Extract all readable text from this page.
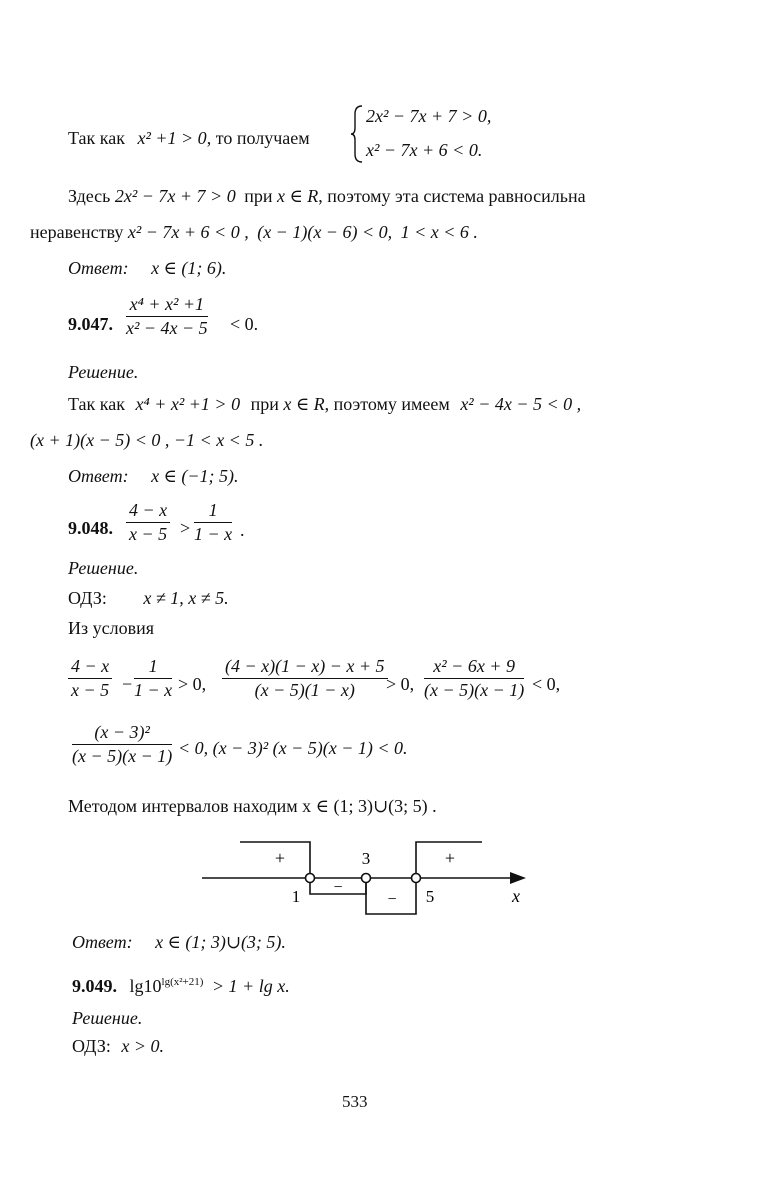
Так как x² +1 > 0, то получаем
2x² − 7x + 7 > 0,
x² − 7x + 6 < 0.
Здесь 2x² − 7x + 7 > 0 при x ∈ R, поэтому эта система равносильна
неравенству x² − 7x + 6 < 0 , (x − 1)(x − 6) < 0, 1 < x < 6 .
Ответ: x ∈ (1; 6).
9.047. $\frac{\text{x⁴ + x² +1}}{\text{x² − 4x − 5}} < 0$.
Решение.
Так как x⁴ + x² +1 > 0 при x ∈ R, поэтому имеем x² − 4x − 5 < 0 ,
(x + 1)(x − 5) < 0 , −1 < x < 5 .
Ответ: x ∈ (−1; 5).
9.048. $\frac{4 - x}{x - 5} > \frac{1}{1 - x}$ .
Решение.
ОДЗ: x ≠ 1, x ≠ 5.
Из условия
$\frac{4 - x}{x - 5} - \frac{1}{1 - x} > 0$, $\frac{(4 - x)(1 - x) - x + 5}{(x - 5)(1 - x)}$
> 0, $\frac{\text{x² − 6x + 9}}{(x - 5)(x - 1)} < 0$,
$\frac{\text{(x − 3)²}}{(x - 5)(x - 1)} < 0$, (x − 3)² (x − 5)(x − 1) < 0.
Методом интервалов находим x ∈ (1; 3)∪(3; 5) .
+	+
−
−
1
3
5	x
Ответ: x ∈ (1; 3)∪(3; 5).
9.049. $\lg 10^{lg(x^2+21)} > 1 + \lg x$.
Решение.
ОДЗ: x > 0.
533
